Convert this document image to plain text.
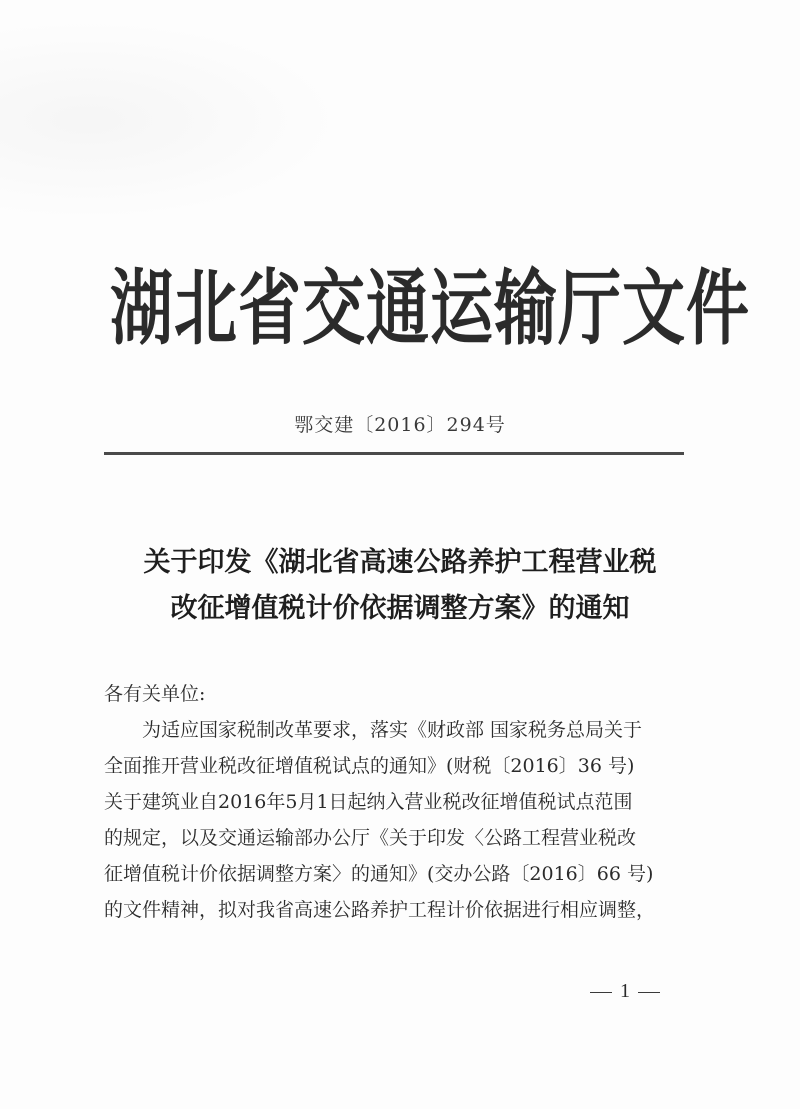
湖北省交通运输厅文件
鄂交建〔2016〕294号
关于印发《湖北省高速公路养护工程营业税
改征增值税计价依据调整方案》的通知
各有关单位:
为适应国家税制改革要求，落实《财政部 国家税务总局关于
全面推开营业税改征增值税试点的通知》(财税〔2016〕36 号)
关于建筑业自2016年5月1日起纳入营业税改征增值税试点范围
的规定，以及交通运输部办公厅《关于印发〈公路工程营业税改
征增值税计价依据调整方案〉的通知》(交办公路〔2016〕66 号)
的文件精神，拟对我省高速公路养护工程计价依据进行相应调整，
1
